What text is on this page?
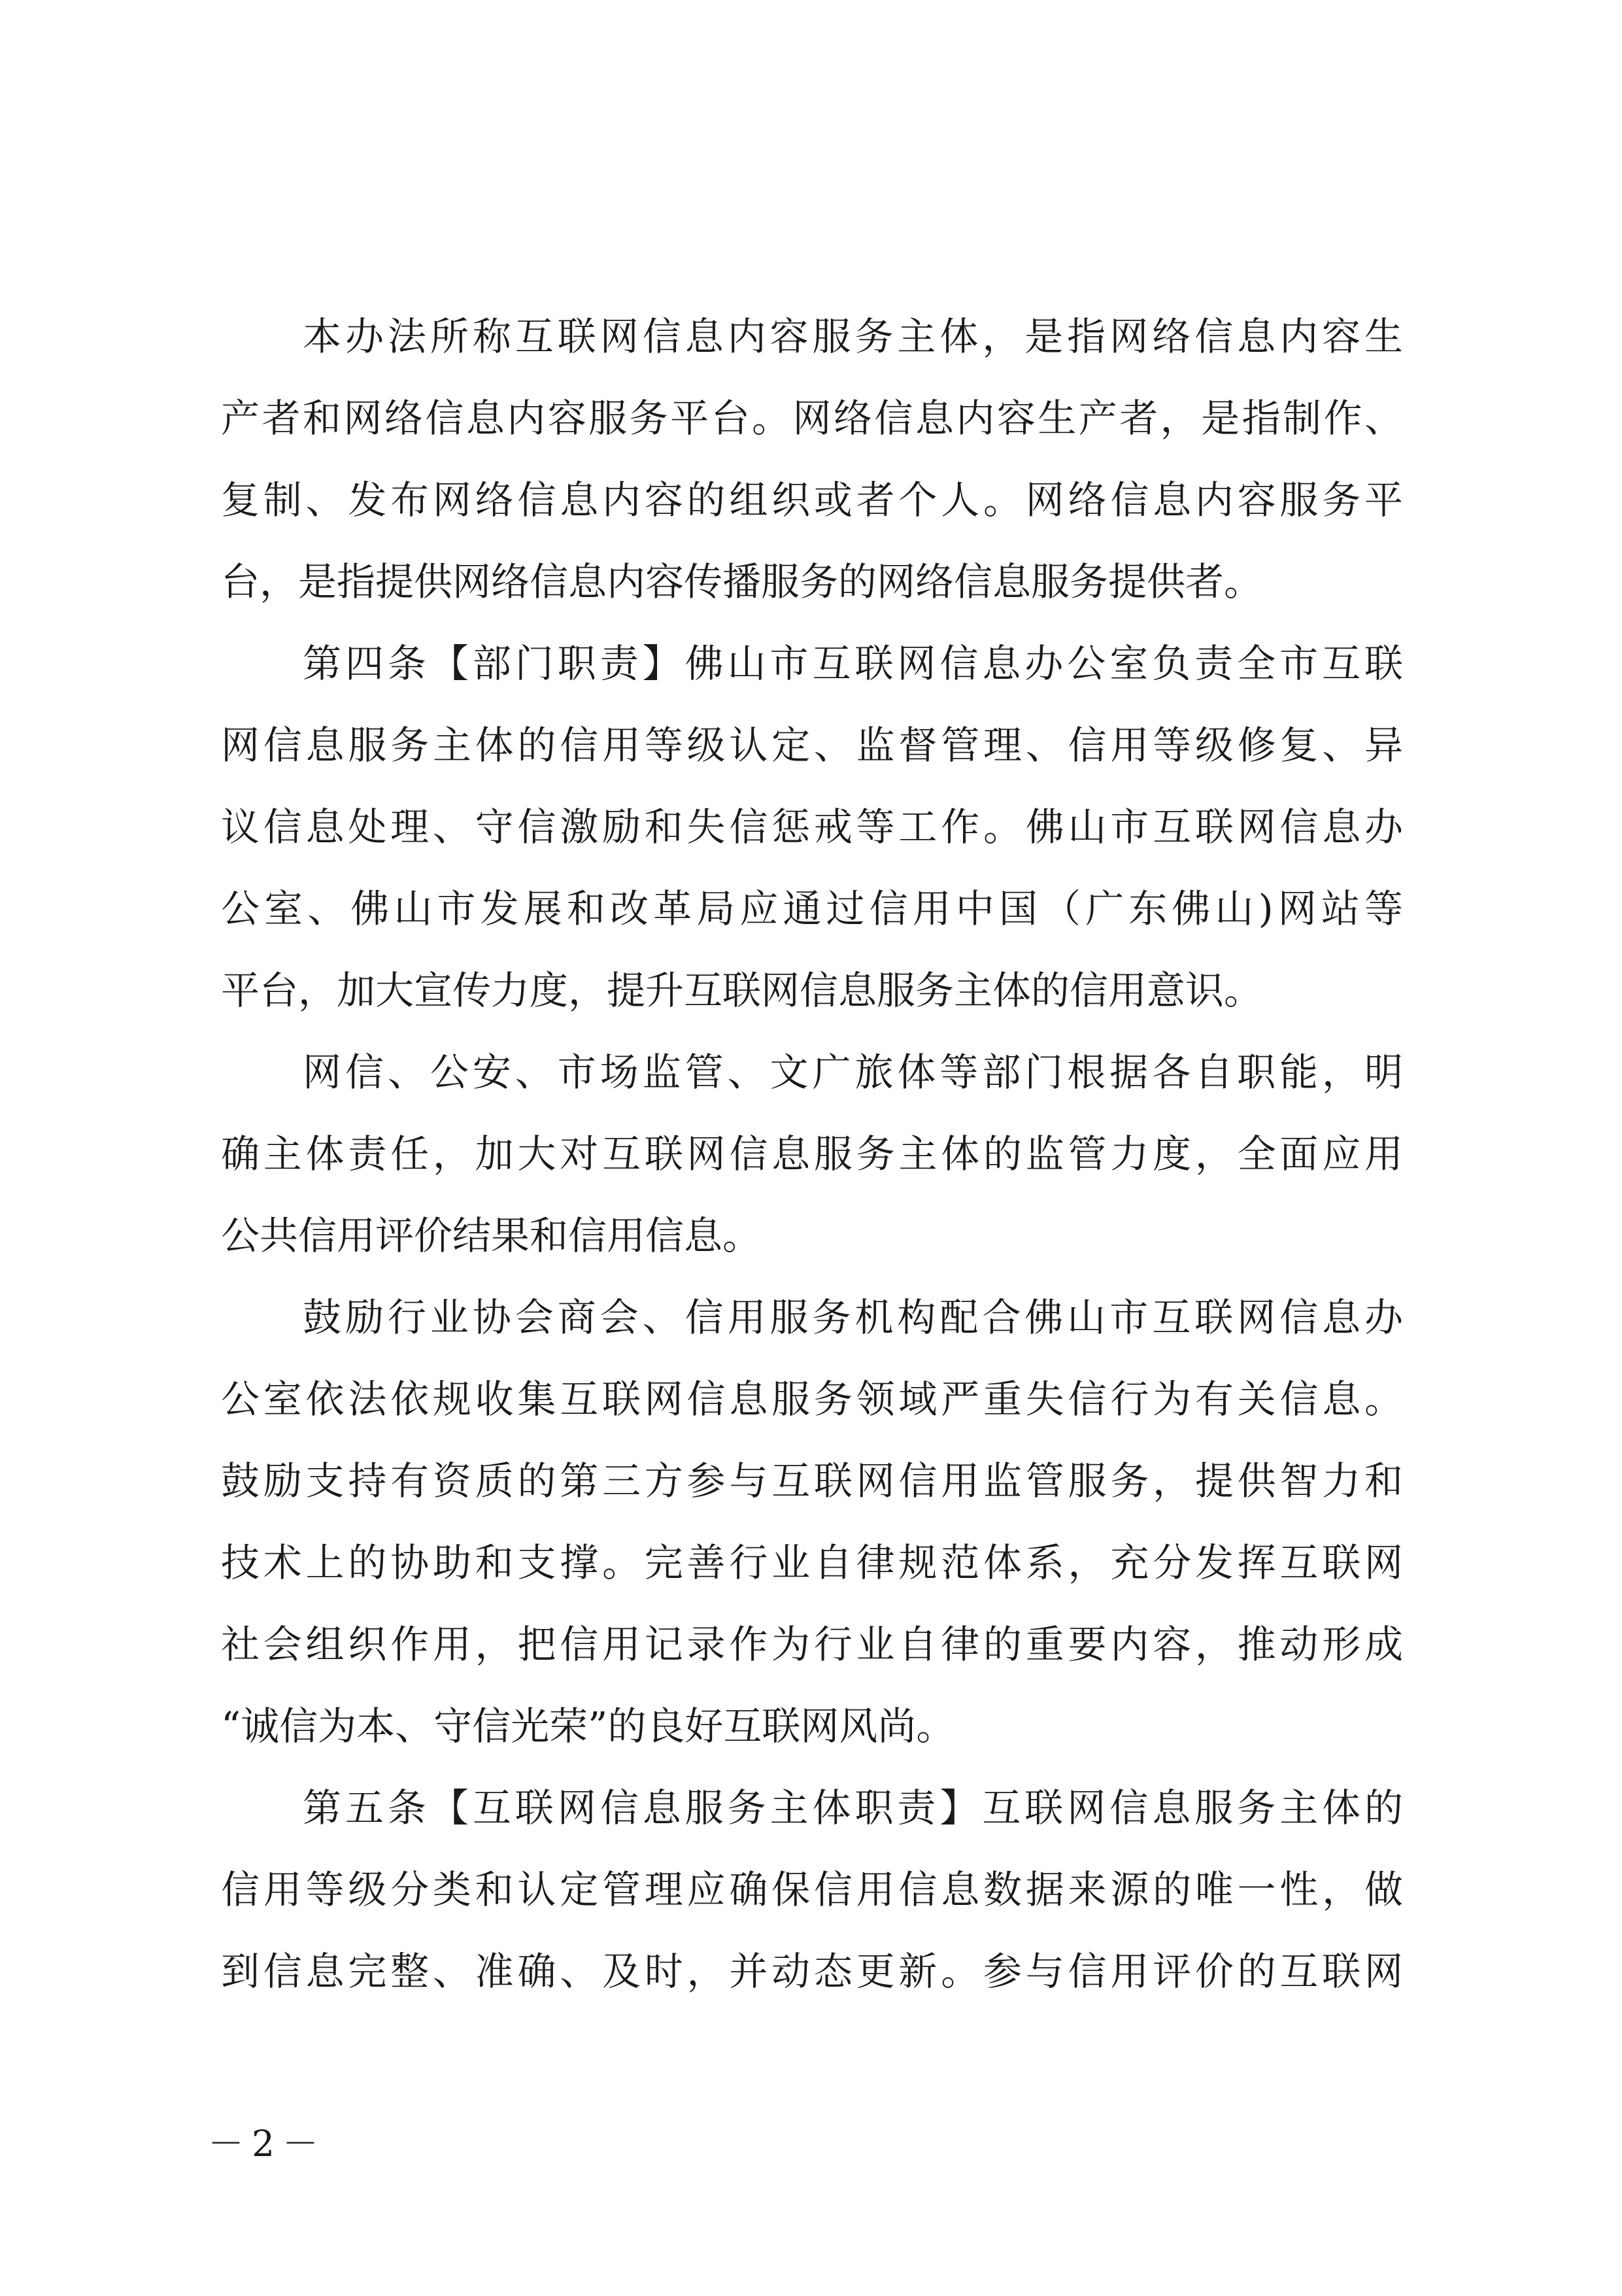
本办法所称互联网信息内容服务主体，是指网络信息内容生
产者和网络信息内容服务平台。网络信息内容生产者，是指制作、
复制、发布网络信息内容的组织或者个人。网络信息内容服务平
台，是指提供网络信息内容传播服务的网络信息服务提供者。
第四条【部门职责】佛山市互联网信息办公室负责全市互联
网信息服务主体的信用等级认定、监督管理、信用等级修复、异
议信息处理、守信激励和失信惩戒等工作。佛山市互联网信息办
公室、佛山市发展和改革局应通过信用中国（广东佛山)网站等
平台，加大宣传力度，提升互联网信息服务主体的信用意识。
网信、公安、市场监管、文广旅体等部门根据各自职能，明
确主体责任，加大对互联网信息服务主体的监管力度，全面应用
公共信用评价结果和信用信息。
鼓励行业协会商会、信用服务机构配合佛山市互联网信息办
公室依法依规收集互联网信息服务领域严重失信行为有关信息。
鼓励支持有资质的第三方参与互联网信用监管服务，提供智力和
技术上的协助和支撑。完善行业自律规范体系，充分发挥互联网
社会组织作用，把信用记录作为行业自律的重要内容，推动形成
“诚信为本、守信光荣”的良好互联网风尚。
第五条【互联网信息服务主体职责】互联网信息服务主体的
信用等级分类和认定管理应确保信用信息数据来源的唯一性，做
到信息完整、准确、及时，并动态更新。参与信用评价的互联网
－2－
